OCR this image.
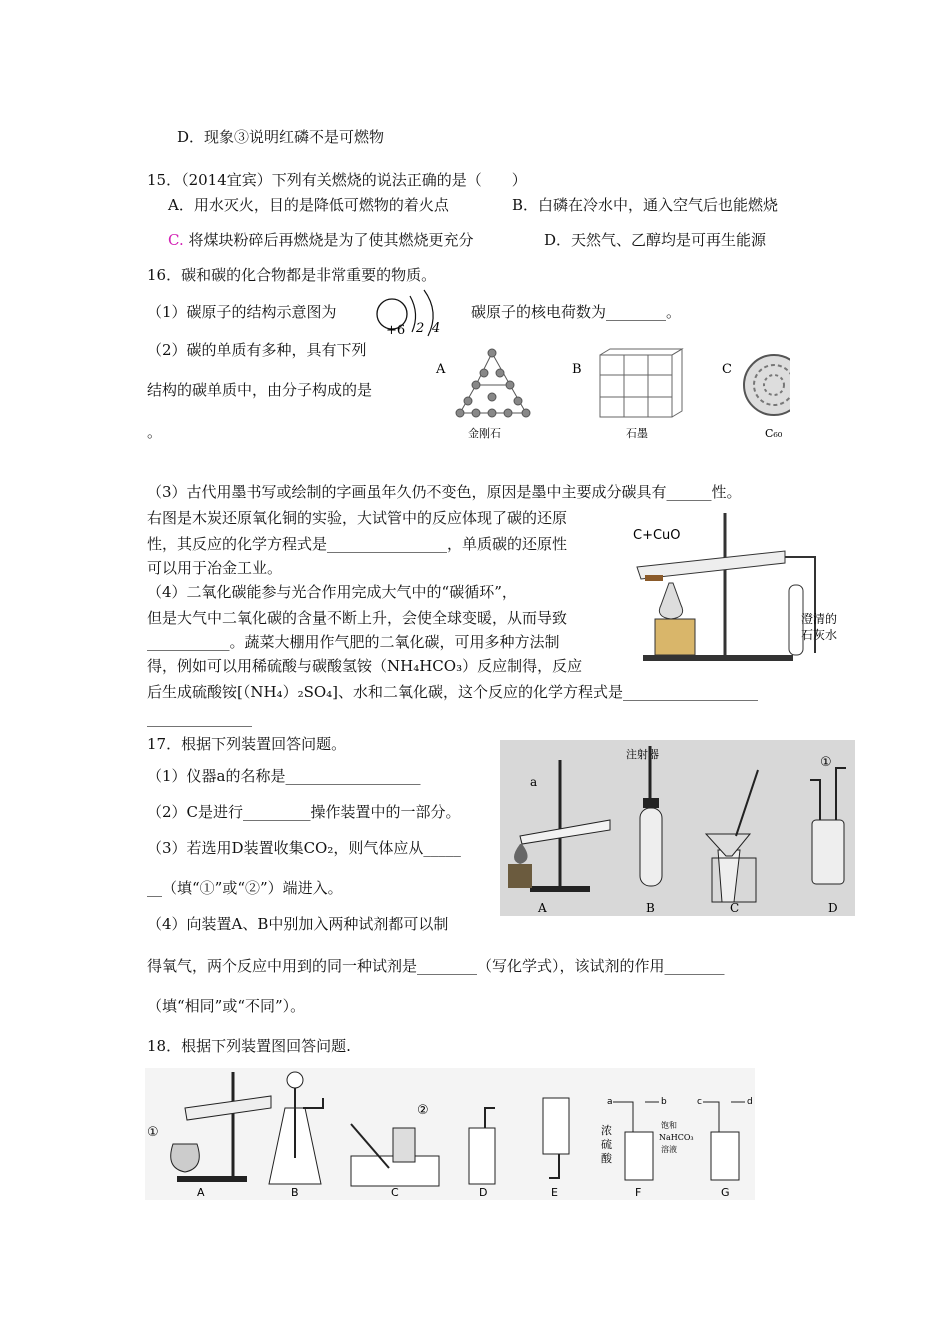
D．现象③说明红磷不是可燃物
15．（2014宜宾）下列有关燃烧的说法正确的是（　　）
A．用水灭火，目的是降低可燃物的着火点	B．白磷在冷水中，通入空气后也能燃烧
C. 将煤块粉碎后再燃烧是为了使其燃烧更充分	D．天然气、乙醇均是可再生能源
16．碳和碳的化合物都是非常重要的物质。
（1）碳原子的结构示意图为
+6 2 4
碳原子的核电荷数为________。
（2）碳的单质有多种，具有下列
结构的碳单质中，由分子构成的是
。
A	B	C
金刚石	石墨	C₆₀
（3）古代用墨书写或绘制的字画虽年久仍不变色，原因是墨中主要成分碳具有______性。
右图是木炭还原氧化铜的实验，大试管中的反应体现了碳的还原
性，其反应的化学方程式是________________，单质碳的还原性
可以用于冶金工业。
（4）二氧化碳能参与光合作用完成大气中的“碳循环”，
但是大气中二氧化碳的含量不断上升，会使全球变暖，从而导致
___________。蔬菜大棚用作气肥的二氧化碳，可用多种方法制
得，例如可以用稀硫酸与碳酸氢铵（NH₄HCO₃）反应制得，反应
后生成硫酸铵[（NH₄）₂SO₄]、水和二氧化碳，这个反应的化学方程式是__________________
______________
C+CuO
澄清的
石灰水
17．根据下列装置回答问题。
（1）仪器a的名称是__________________
（2）C是进行_________操作装置中的一部分。
（3）若选用D装置收集CO₂，则气体应从_____
__（填“①”或“②”）端进入。
（4）向装置A、B中别加入两种试剂都可以制
得氧气，两个反应中用到的同一种试剂是________（写化学式），该试剂的作用________
（填“相同”或“不同”）。
a
注射器
①
A	B	C	D
18．根据下列装置图回答问题.
①
②
a	b
浓
硫
酸
c	d
饱和
NaHCO₃
溶液
A	B	C	D	E	F	G
